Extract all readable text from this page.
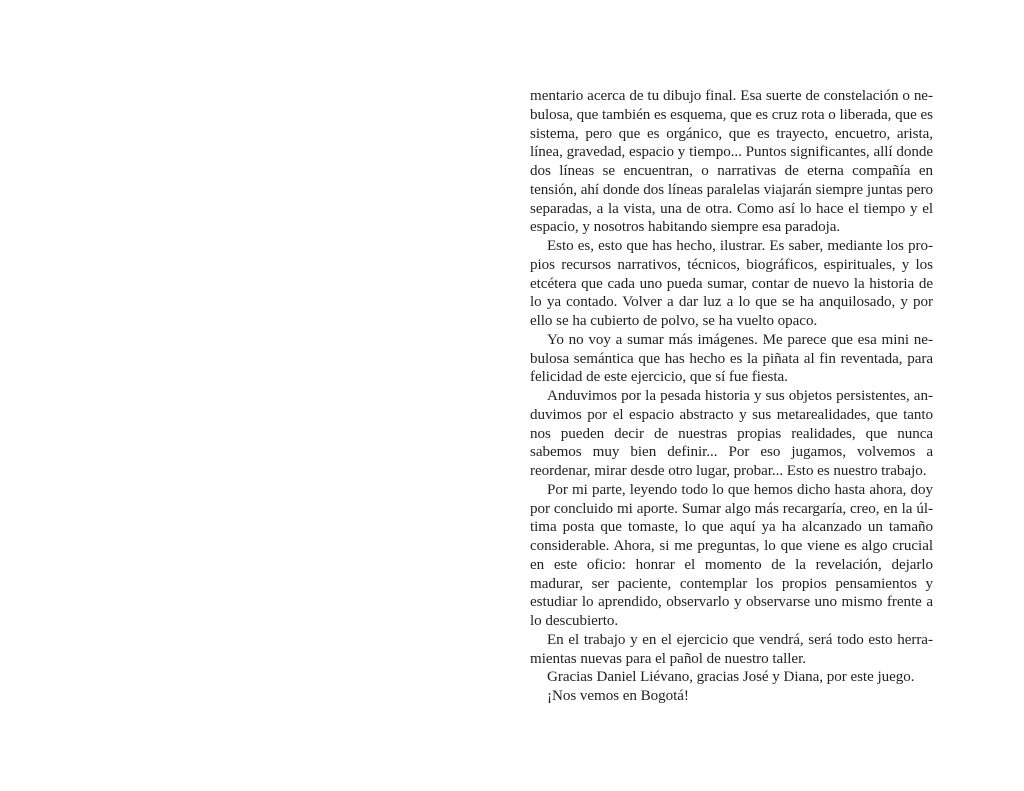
mentario acerca de tu dibujo final. Esa suerte de constelación o nebulosa, que también es esquema, que es cruz rota o liberada, que es sistema, pero que es orgánico, que es trayecto, encuetro, arista, línea, gravedad, espacio y tiempo... Puntos significantes, allí donde dos líneas se encuentran, o narrativas de eterna compañía en tensión, ahí donde dos líneas paralelas viajarán siempre juntas pero separadas, a la vista, una de otra. Como así lo hace el tiempo y el espacio, y nosotros habitando siempre esa paradoja.

Esto es, esto que has hecho, ilustrar. Es saber, mediante los propios recursos narrativos, técnicos, biográficos, espirituales, y los etcétera que cada uno pueda sumar, contar de nuevo la historia de lo ya contado. Volver a dar luz a lo que se ha anquilosado, y por ello se ha cubierto de polvo, se ha vuelto opaco.

Yo no voy a sumar más imágenes. Me parece que esa mini nebulosa semántica que has hecho es la piñata al fin reventada, para felicidad de este ejercicio, que sí fue fiesta.

Anduvimos por la pesada historia y sus objetos persistentes, anduvimos por el espacio abstracto y sus metarealidades, que tanto nos pueden decir de nuestras propias realidades, que nunca sabemos muy bien definir... Por eso jugamos, volvemos a reordenar, mirar desde otro lugar, probar... Esto es nuestro trabajo.

Por mi parte, leyendo todo lo que hemos dicho hasta ahora, doy por concluido mi aporte. Sumar algo más recargaría, creo, en la última posta que tomaste, lo que aquí ya ha alcanzado un tamaño considerable. Ahora, si me preguntas, lo que viene es algo crucial en este oficio: honrar el momento de la revelación, dejarlo madurar, ser paciente, contemplar los propios pensamientos y estudiar lo aprendido, observarlo y observarse uno mismo frente a lo descubierto.

En el trabajo y en el ejercicio que vendrá, será todo esto herramientas nuevas para el pañol de nuestro taller.

Gracias Daniel Liévano, gracias José y Diana, por este juego.

¡Nos vemos en Bogotá!
